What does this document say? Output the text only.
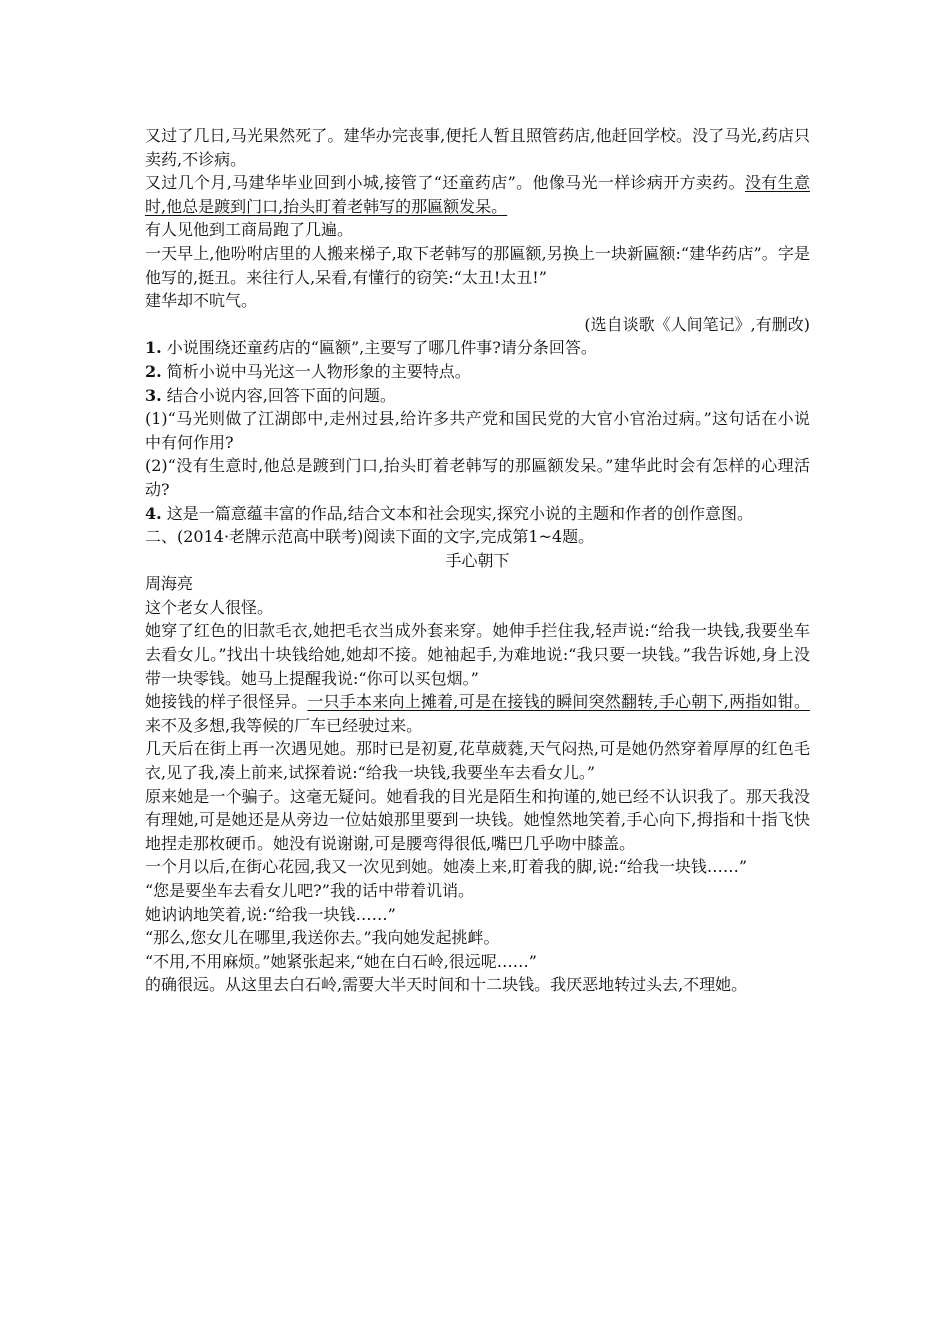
又过了几日,马光果然死了。建华办完丧事,便托人暂且照管药店,他赶回学校。没了马光,药店只卖药,不诊病。

又过几个月,马建华毕业回到小城,接管了“还童药店”。他像马光一样诊病开方卖药。没有生意时,他总是踱到门口,抬头盯着老韩写的那匾额发呆。

有人见他到工商局跑了几遍。

一天早上,他吩咐店里的人搬来梯子,取下老韩写的那匾额,另换上一块新匾额:“建华药店”。字是他写的,挺丑。来往行人,呆看,有懂行的窃笑:“太丑!太丑!”

建华却不吭气。

(选自谈歌《人间笔记》,有删改)

1. 小说围绕还童药店的“匾额”,主要写了哪几件事?请分条回答。

2. 简析小说中马光这一人物形象的主要特点。

3. 结合小说内容,回答下面的问题。

(1)“马光则做了江湖郎中,走州过县,给许多共产党和国民党的大官小官治过病。”这句话在小说中有何作用?

(2)“没有生意时,他总是踱到门口,抬头盯着老韩写的那匾额发呆。”建华此时会有怎样的心理活动?

4. 这是一篇意蕴丰富的作品,结合文本和社会现实,探究小说的主题和作者的创作意图。

二、(2014·老牌示范高中联考)阅读下面的文字,完成第1~4题。

手心朝下

周海亮

这个老女人很怪。

她穿了红色的旧款毛衣,她把毛衣当成外套来穿。她伸手拦住我,轻声说:“给我一块钱,我要坐车去看女儿。”找出十块钱给她,她却不接。她袖起手,为难地说:“我只要一块钱。”我告诉她,身上没带一块零钱。她马上提醒我说:“你可以买包烟。”

她接钱的样子很怪异。一只手本来向上摊着,可是在接钱的瞬间突然翻转,手心朝下,两指如钳。来不及多想,我等候的厂车已经驶过来。

几天后在街上再一次遇见她。那时已是初夏,花草葳蕤,天气闷热,可是她仍然穿着厚厚的红色毛衣,见了我,凑上前来,试探着说:“给我一块钱,我要坐车去看女儿。”

原来她是一个骗子。这毫无疑问。她看我的目光是陌生和拘谨的,她已经不认识我了。那天我没有理她,可是她还是从旁边一位姑娘那里要到一块钱。她惶然地笑着,手心向下,拇指和十指飞快地捏走那枚硬币。她没有说谢谢,可是腰弯得很低,嘴巴几乎吻中膝盖。

一个月以后,在街心花园,我又一次见到她。她凑上来,盯着我的脚,说:“给我一块钱……”

“您是要坐车去看女儿吧?”我的话中带着讥诮。

她讷讷地笑着,说:“给我一块钱……”

“那么,您女儿在哪里,我送你去。”我向她发起挑衅。

“不用,不用麻烦。”她紧张起来,“她在白石岭,很远呢……”

的确很远。从这里去白石岭,需要大半天时间和十二块钱。我厌恶地转过头去,不理她。
